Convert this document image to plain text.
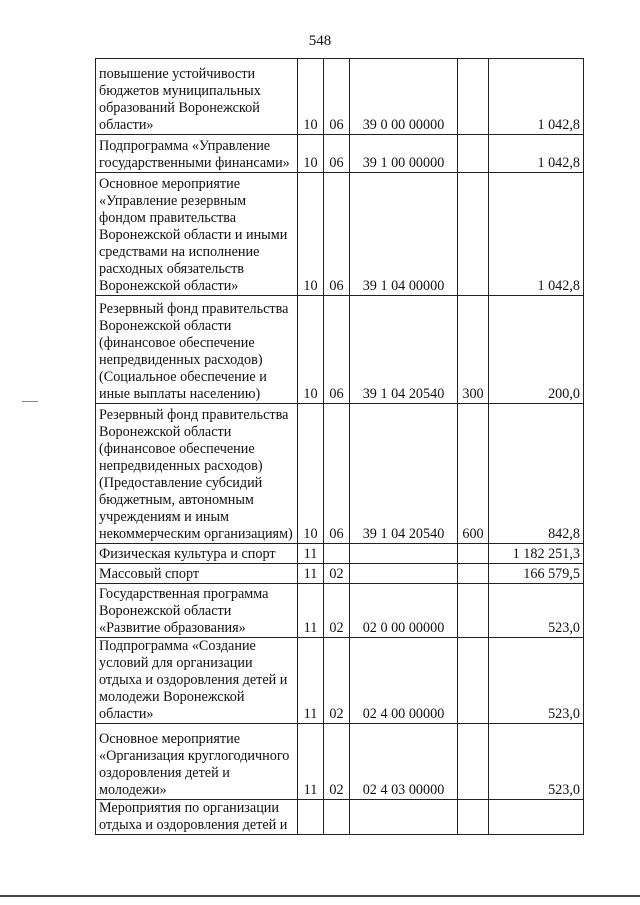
548
повышение устойчивости бюджетов муниципальных образований Воронежской области»	10	06	39 0 00 00000		1 042,8
Подпрограмма «Управление государственными финансами»	10	06	39 1 00 00000		1 042,8
Основное мероприятие «Управление резервным фондом правительства Воронежской области и иными средствами на исполнение расходных обязательств Воронежской области»	10	06	39 1 04 00000		1 042,8
Резервный фонд правительства Воронежской области (финансовое обеспечение непредвиденных расходов) (Социальное обеспечение и иные выплаты населению)	10	06	39 1 04 20540	300	200,0
Резервный фонд правительства Воронежской области (финансовое обеспечение непредвиденных расходов) (Предоставление субсидий бюджетным, автономным учреждениям и иным некоммерческим организациям)	10	06	39 1 04 20540	600	842,8
Физическая культура и спорт	11				1 182 251,3
Массовый спорт	11	02			166 579,5
Государственная программа Воронежской области «Развитие образования»	11	02	02 0 00 00000		523,0
Подпрограмма «Создание условий для организации отдыха и оздоровления детей и молодежи Воронежской области»	11	02	02 4 00 00000		523,0
Основное мероприятие «Организация круглогодичного оздоровления детей и молодежи»	11	02	02 4 03 00000		523,0
Мероприятия по организации отдыха и оздоровления детей и					
